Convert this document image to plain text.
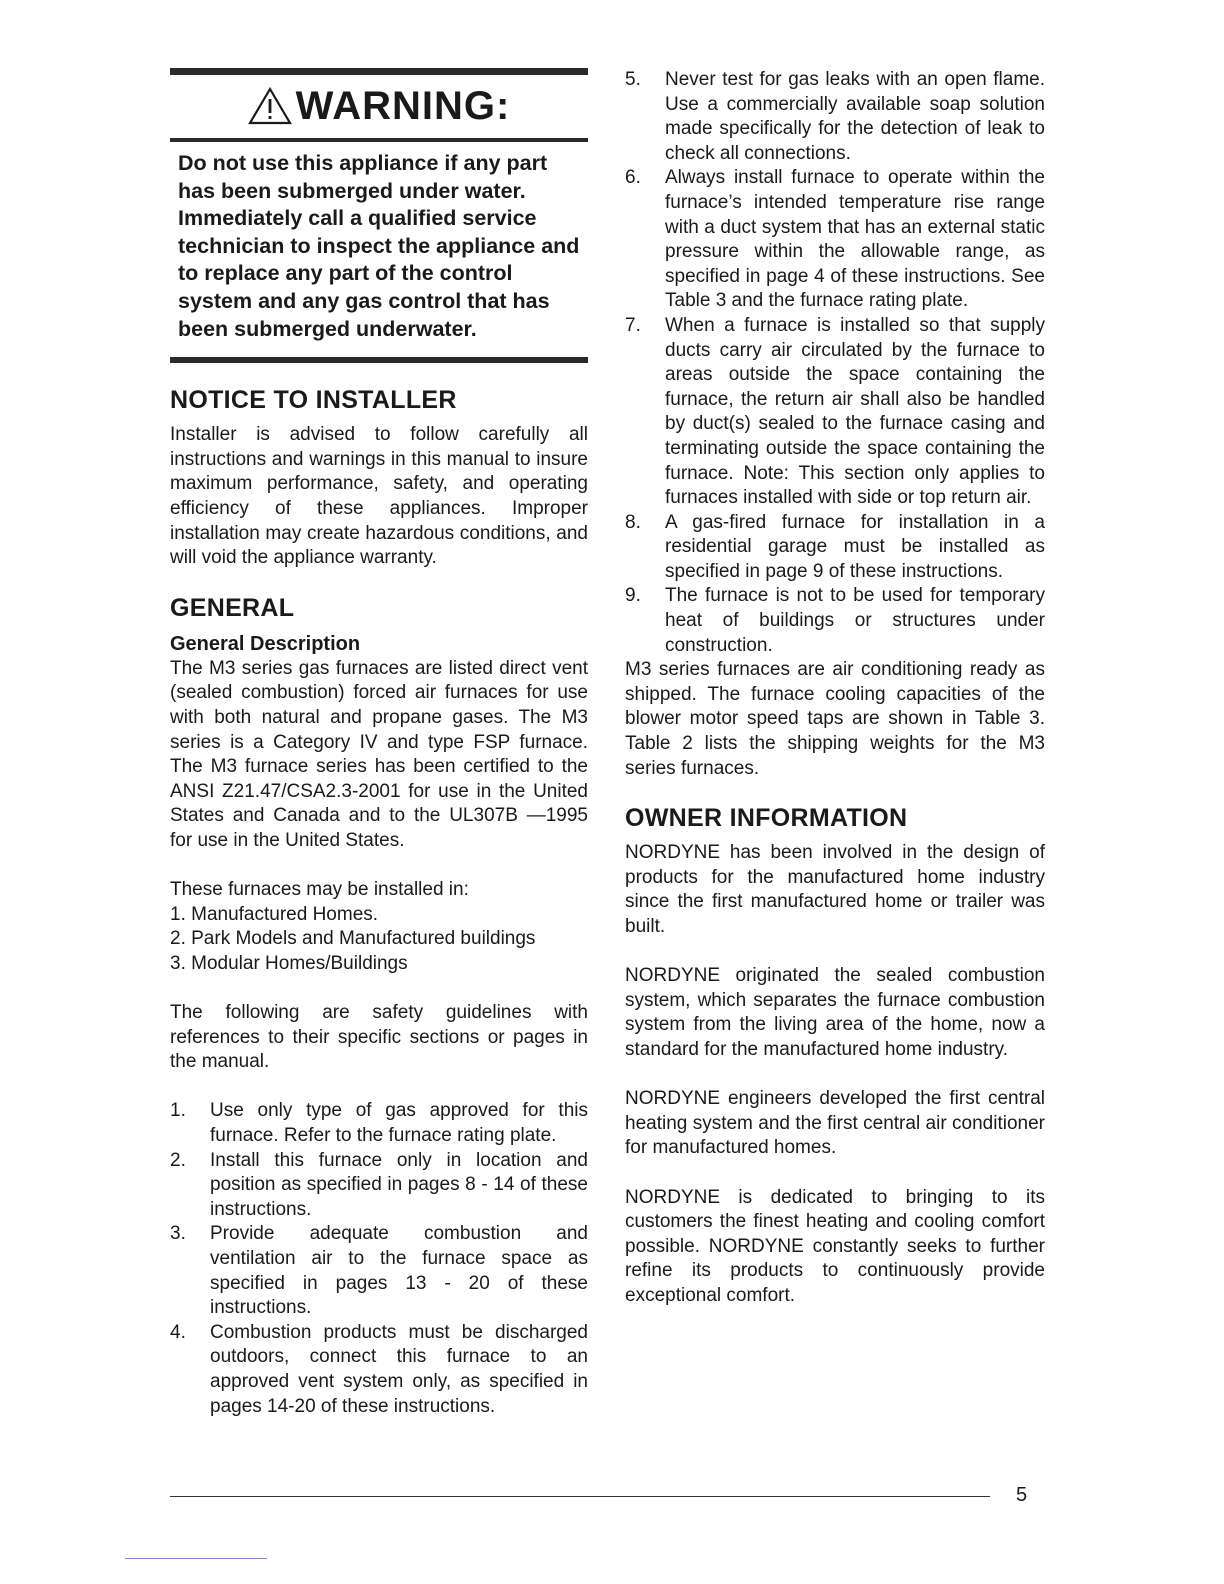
WARNING:
Do not use this appliance if any part has been submerged under water. Immediately call a qualified service technician to inspect the appliance and to replace any part of the control system and any gas control that has been submerged underwater.
NOTICE TO INSTALLER

Installer is advised to follow carefully all instructions and warnings in this manual to insure maximum performance, safety, and operating efficiency of these appliances. Improper installation may create hazardous conditions, and will void the appliance warranty.

GENERAL
General Description

The M3 series gas furnaces are listed direct vent (sealed combustion) forced air furnaces for use with both natural and propane gases. The M3 series is a Category IV and type FSP furnace. The M3 furnace series has been certified to the ANSI Z21.47/CSA2.3-2001 for use in the United States and Canada and to the UL307B —1995 for use in the United States.

These furnaces may be installed in:

1. Manufactured Homes.
2. Park Models and Manufactured buildings
3. Modular Homes/Buildings

The following are safety guidelines with references to their specific sections or pages in the manual.

1. Use only type of gas approved for this furnace. Refer to the furnace rating plate.
2. Install this furnace only in location and position as specified in pages 8 - 14 of these instructions.
3. Provide adequate combustion and ventilation air to the furnace space as specified in pages 13 - 20 of these instructions.
4. Combustion products must be discharged outdoors, connect this furnace to an approved vent system only, as specified in pages 14-20 of these instructions.
5. Never test for gas leaks with an open flame. Use a commercially available soap solution made specifically for the detection of leak to check all connections.
6. Always install furnace to operate within the furnace’s intended temperature rise range with a duct system that has an external static pressure within the allowable range, as specified in page 4 of these instructions. See Table 3 and the furnace rating plate.
7. When a furnace is installed so that supply ducts carry air circulated by the furnace to areas outside the space containing the furnace, the return air shall also be handled by duct(s) sealed to the furnace casing and terminating outside the space containing the furnace. Note: This section only applies to furnaces installed with side or top return air.
8. A gas-fired furnace for installation in a residential garage must be installed as specified in page 9 of these instructions.
9. The furnace is not to be used for temporary heat of buildings or structures under construction.

M3 series furnaces are air conditioning ready as shipped. The furnace cooling capacities of the blower motor speed taps are shown in Table 3. Table 2 lists the shipping weights for the M3 series furnaces.

OWNER INFORMATION

NORDYNE has been involved in the design of products for the manufactured home industry since the first manufactured home or trailer was built.

NORDYNE originated the sealed combustion system, which separates the furnace combustion system from the living area of the home, now a standard for the manufactured home industry.

NORDYNE engineers developed the first central heating system and the first central air conditioner for manufactured homes.

NORDYNE is dedicated to bringing to its customers the finest heating and cooling comfort possible. NORDYNE constantly seeks to further refine its products to continuously provide exceptional comfort.

5
